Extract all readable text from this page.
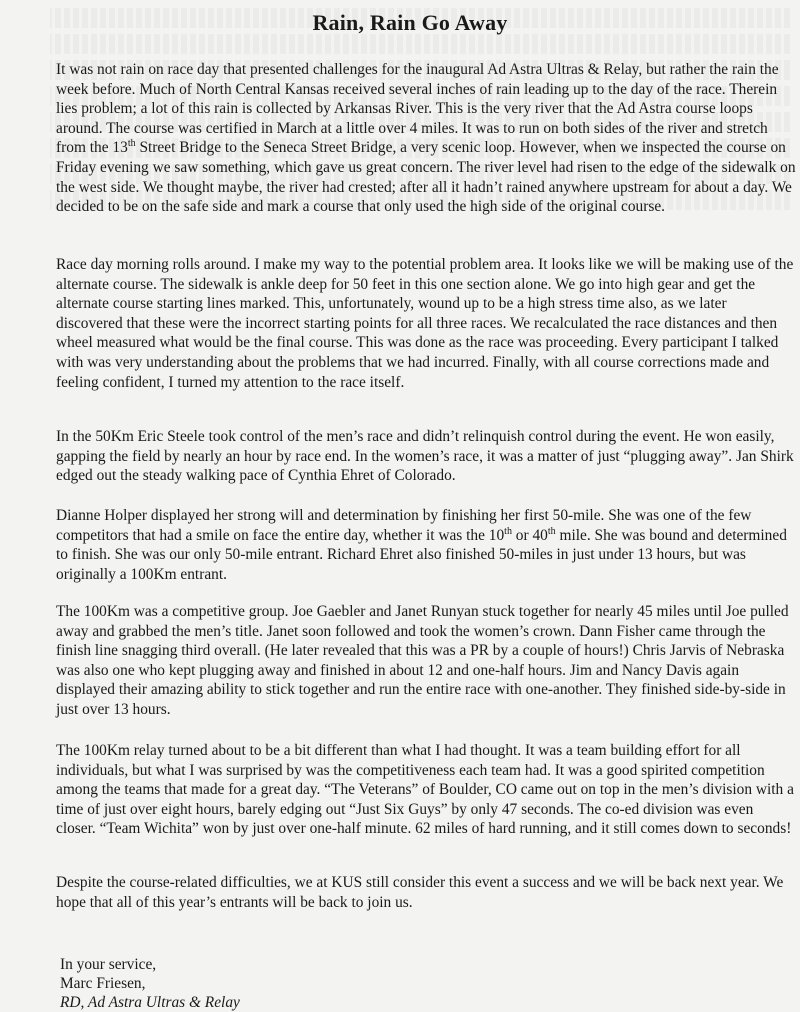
Rain, Rain Go Away

It was not rain on race day that presented challenges for the inaugural Ad Astra Ultras & Relay, but rather the rain the week before. Much of North Central Kansas received several inches of rain leading up to the day of the race. Therein lies problem; a lot of this rain is collected by Arkansas River. This is the very river that the Ad Astra course loops around. The course was certified in March at a little over 4 miles. It was to run on both sides of the river and stretch from the 13th Street Bridge to the Seneca Street Bridge, a very scenic loop. However, when we inspected the course on Friday evening we saw something, which gave us great concern. The river level had risen to the edge of the sidewalk on the west side. We thought maybe, the river had crested; after all it hadn’t rained anywhere upstream for about a day. We decided to be on the safe side and mark a course that only used the high side of the original course.

Race day morning rolls around. I make my way to the potential problem area. It looks like we will be making use of the alternate course. The sidewalk is ankle deep for 50 feet in this one section alone. We go into high gear and get the alternate course starting lines marked. This, unfortunately, wound up to be a high stress time also, as we later discovered that these were the incorrect starting points for all three races. We recalculated the race distances and then wheel measured what would be the final course. This was done as the race was proceeding. Every participant I talked with was very understanding about the problems that we had incurred. Finally, with all course corrections made and feeling confident, I turned my attention to the race itself.

In the 50Km Eric Steele took control of the men’s race and didn’t relinquish control during the event. He won easily, gapping the field by nearly an hour by race end. In the women’s race, it was a matter of just “plugging away”. Jan Shirk edged out the steady walking pace of Cynthia Ehret of Colorado.

Dianne Holper displayed her strong will and determination by finishing her first 50-mile. She was one of the few competitors that had a smile on face the entire day, whether it was the 10th or 40th mile. She was bound and determined to finish. She was our only 50-mile entrant. Richard Ehret also finished 50-miles in just under 13 hours, but was originally a 100Km entrant.

The 100Km was a competitive group. Joe Gaebler and Janet Runyan stuck together for nearly 45 miles until Joe pulled away and grabbed the men’s title. Janet soon followed and took the women’s crown. Dann Fisher came through the finish line snagging third overall. (He later revealed that this was a PR by a couple of hours!) Chris Jarvis of Nebraska was also one who kept plugging away and finished in about 12 and one-half hours. Jim and Nancy Davis again displayed their amazing ability to stick together and run the entire race with one-another. They finished side-by-side in just over 13 hours.

The 100Km relay turned about to be a bit different than what I had thought. It was a team building effort for all individuals, but what I was surprised by was the competitiveness each team had. It was a good spirited competition among the teams that made for a great day. “The Veterans” of Boulder, CO came out on top in the men’s division with a time of just over eight hours, barely edging out “Just Six Guys” by only 47 seconds. The co-ed division was even closer. “Team Wichita” won by just over one-half minute. 62 miles of hard running, and it still comes down to seconds!

Despite the course-related difficulties, we at KUS still consider this event a success and we will be back next year. We hope that all of this year’s entrants will be back to join us.

In your service,
Marc Friesen,
RD, Ad Astra Ultras & Relay
